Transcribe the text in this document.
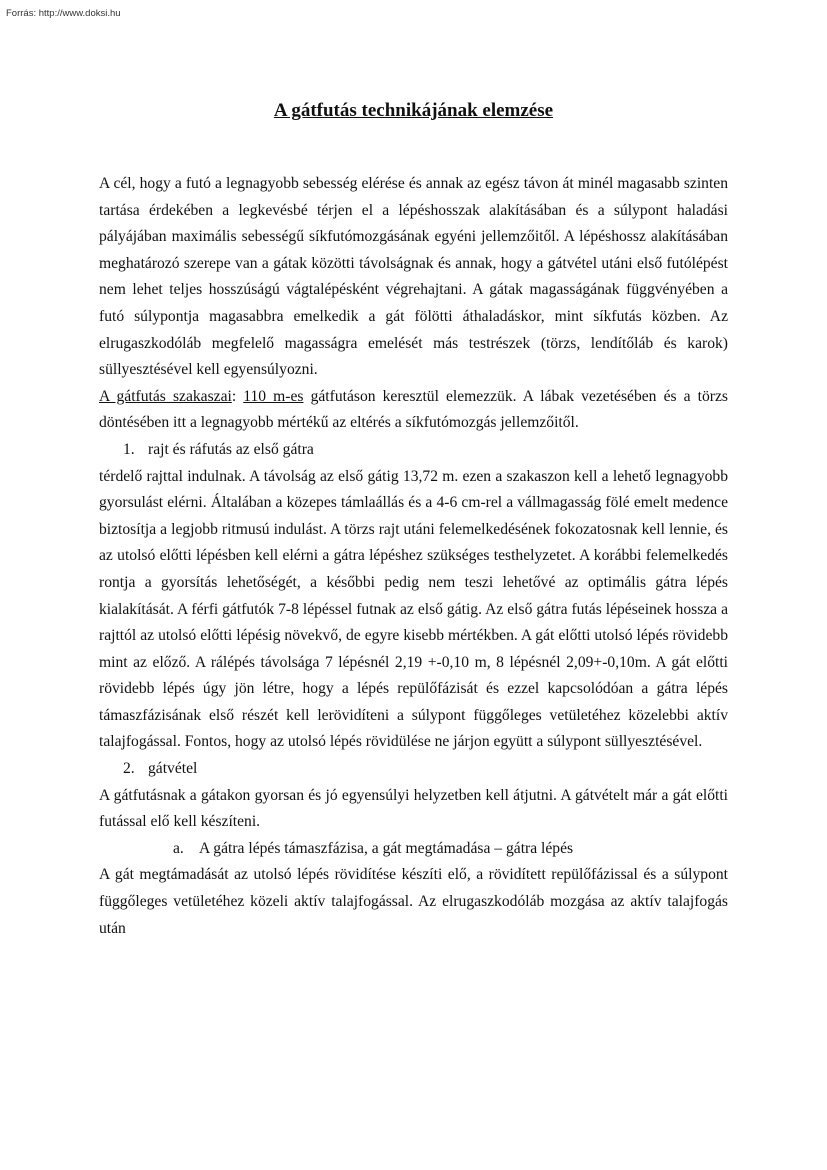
Forrás: http://www.doksi.hu
A gátfutás technikájának elemzése

A cél, hogy a futó a legnagyobb sebesség elérése és annak az egész távon át minél magasabb szinten tartása érdekében a legkevésbé térjen el a lépéshosszak alakításában és a súlypont haladási pályájában maximális sebességű síkfutómozgásának egyéni jellemzőitől. A lépéshossz alakításában meghatározó szerepe van a gátak közötti távolságnak és annak, hogy a gátvétel utáni első futólépést nem lehet teljes hosszúságú vágtalépésként végrehajtani. A gátak magasságának függvényében a futó súlypontja magasabbra emelkedik a gát fölötti áthaladáskor, mint síkfutás közben. Az elrugaszkodóláb megfelelő magasságra emelését más testrészek (törzs, lendítőláb és karok) süllyesztésével kell egyensúlyozni.

A gátfutás szakaszai: 110 m-es gátfutáson keresztül elemezzük. A lábak vezetésében és a törzs döntésében itt a legnagyobb mértékű az eltérés a síkfutómozgás jellemzőitől.

1. rajt és ráfutás az első gátra

térdelő rajttal indulnak. A távolság az első gátig 13,72 m. ezen a szakaszon kell a lehető legnagyobb gyorsulást elérni. Általában a közepes támlaállás és a 4-6 cm-rel a vállmagasság fölé emelt medence biztosítja a legjobb ritmusú indulást. A törzs rajt utáni felemelkedésének fokozatosnak kell lennie, és az utolsó előtti lépésben kell elérni a gátra lépéshez szükséges testhelyzetet. A korábbi felemelkedés rontja a gyorsítás lehetőségét, a későbbi pedig nem teszi lehetővé az optimális gátra lépés kialakítását. A férfi gátfutók 7-8 lépéssel futnak az első gátig. Az első gátra futás lépéseinek hossza a rajttól az utolsó előtti lépésig növekvő, de egyre kisebb mértékben. A gát előtti utolsó lépés rövidebb mint az előző. A rálépés távolsága 7 lépésnél 2,19 +-0,10 m, 8 lépésnél 2,09+-0,10m. A gát előtti rövidebb lépés úgy jön létre, hogy a lépés repülőfázisát és ezzel kapcsolódóan a gátra lépés támaszfázisának első részét kell lerövidíteni a súlypont függőleges vetületéhez közelebbi aktív talajfogással. Fontos, hogy az utolsó lépés rövidülése ne járjon együtt a súlypont süllyesztésével.

2. gátvétel

A gátfutásnak a gátakon gyorsan és jó egyensúlyi helyzetben kell átjutni. A gátvételt már a gát előtti futással elő kell készíteni.

a. A gátra lépés támaszfázisa, a gát megtámadása – gátra lépés

A gát megtámadását az utolsó lépés rövidítése készíti elő, a rövidített repülőfázissal és a súlypont függőleges vetületéhez közeli aktív talajfogással. Az elrugaszkodóláb mozgása az aktív talajfogás után
